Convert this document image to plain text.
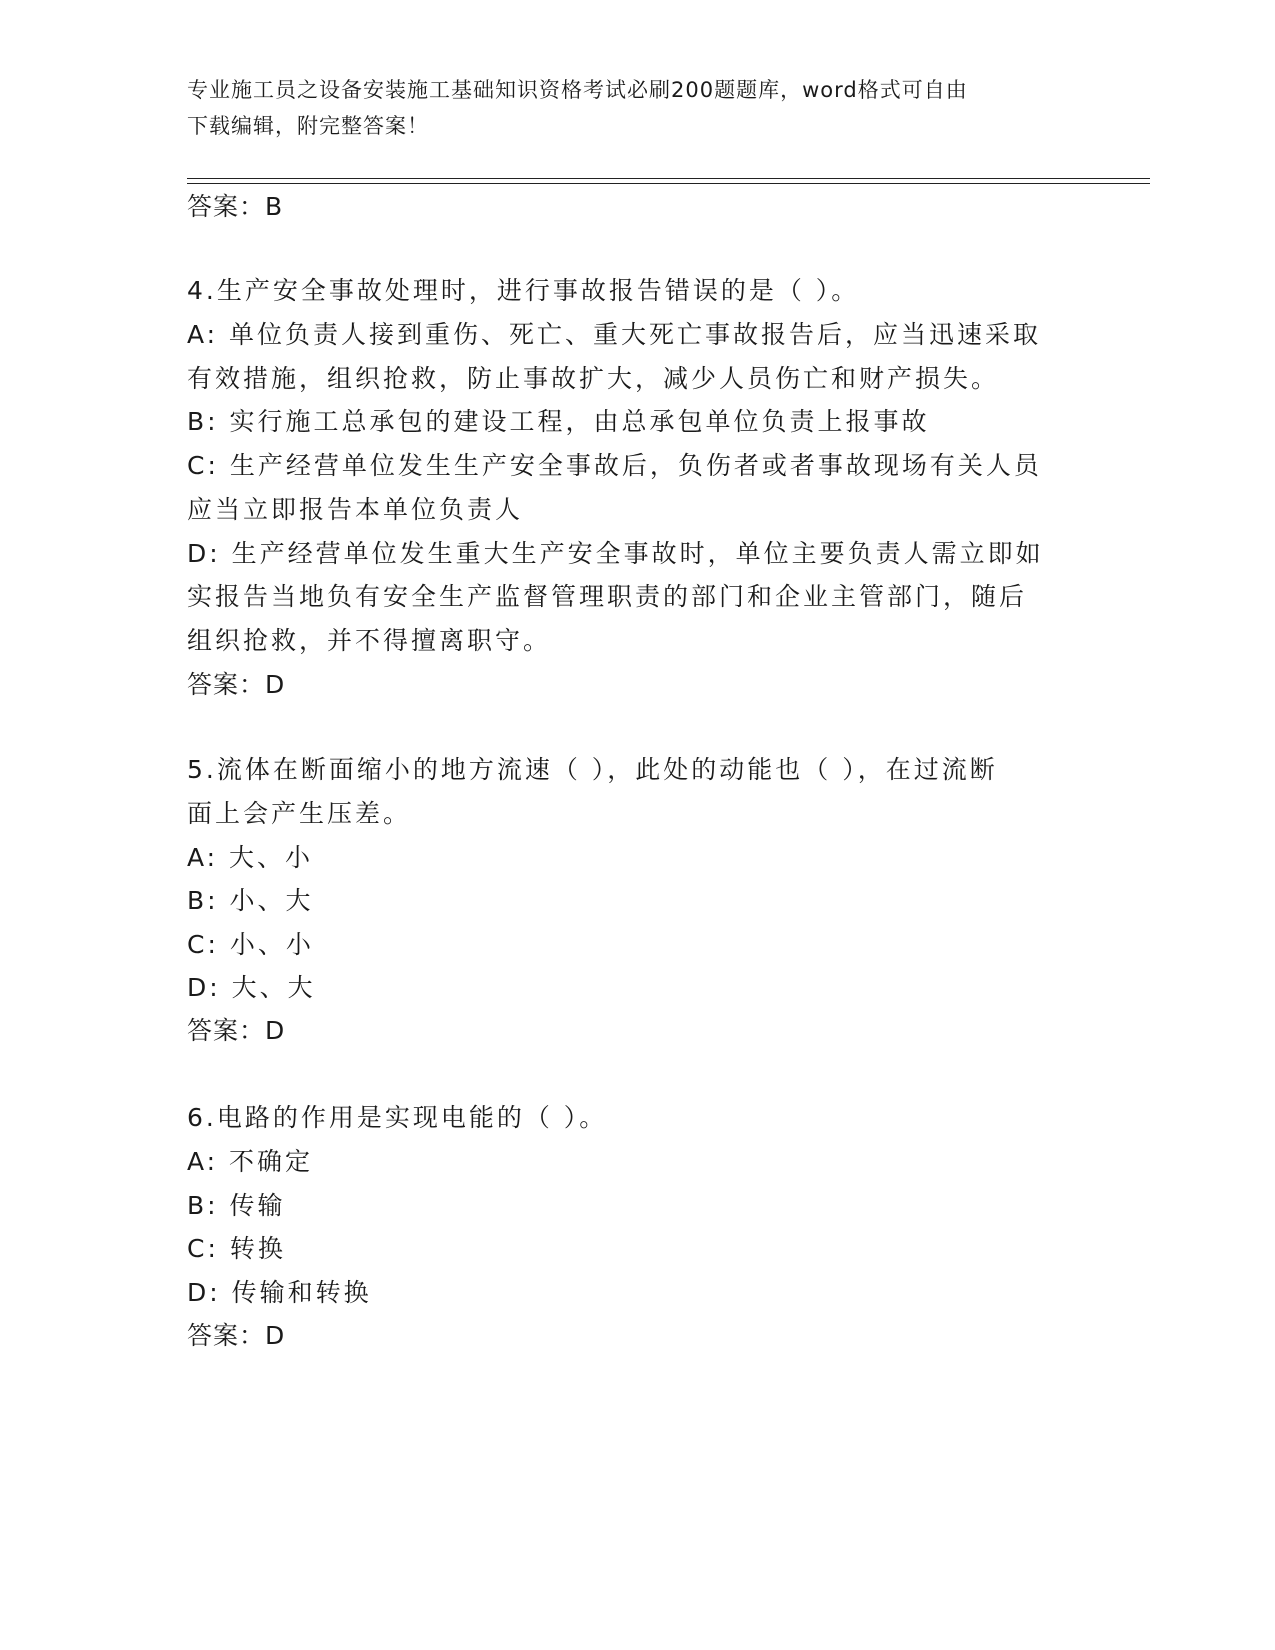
专业施工员之设备安装施工基础知识资格考试必刷200题题库，word格式可自由
下载编辑，附完整答案！
答案：B
4.生产安全事故处理时，进行事故报告错误的是（ ）。
A: 单位负责人接到重伤、死亡、重大死亡事故报告后，应当迅速采取
有效措施，组织抢救，防止事故扩大，减少人员伤亡和财产损失。
B: 实行施工总承包的建设工程，由总承包单位负责上报事故
C: 生产经营单位发生生产安全事故后，负伤者或者事故现场有关人员
应当立即报告本单位负责人
D: 生产经营单位发生重大生产安全事故时，单位主要负责人需立即如
实报告当地负有安全生产监督管理职责的部门和企业主管部门，随后
组织抢救，并不得擅离职守。
答案：D
5.流体在断面缩小的地方流速（ ），此处的动能也（ ），在过流断
面上会产生压差。
A: 大、小
B: 小、大
C: 小、小
D: 大、大
答案：D
6.电路的作用是实现电能的（ ）。
A: 不确定
B: 传输
C: 转换
D: 传输和转换
答案：D
